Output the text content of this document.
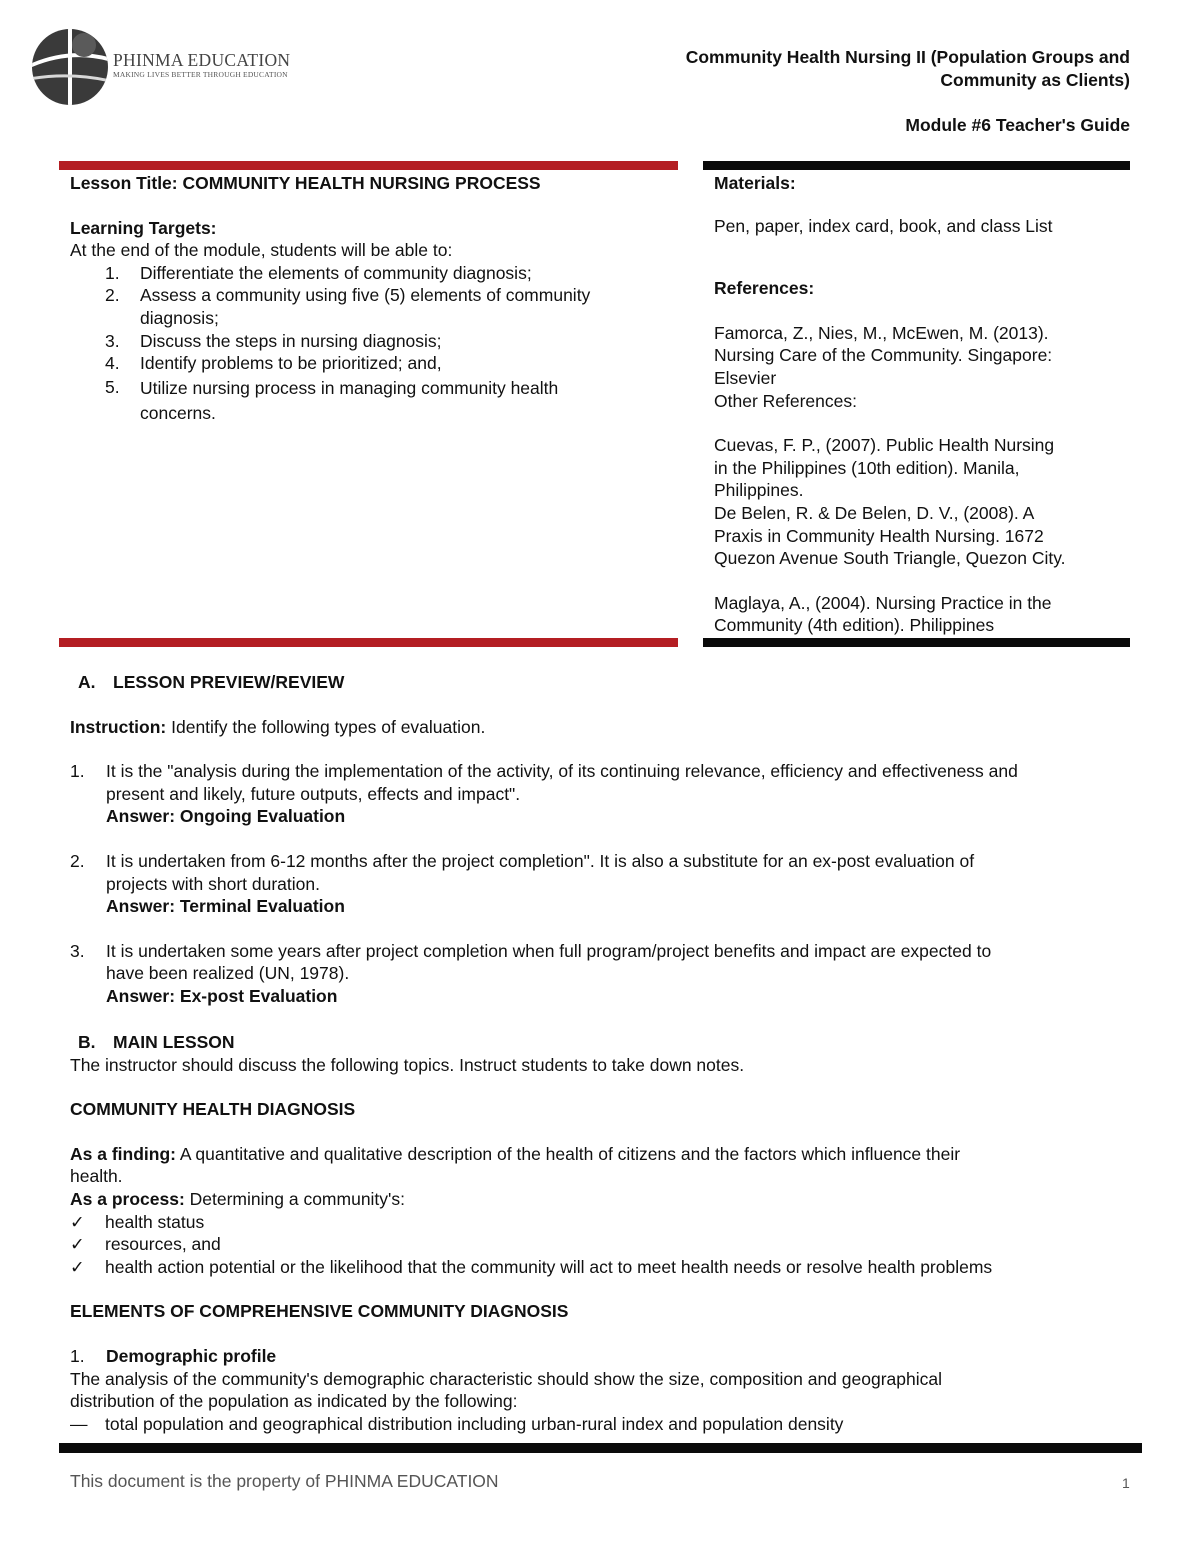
PHINMA EDUCATION
MAKING LIVES BETTER THROUGH EDUCATION
Community Health Nursing II (Population Groups and
Community as Clients)
Module #6 Teacher's Guide
Lesson Title: COMMUNITY HEALTH NURSING PROCESS
Learning Targets:
At the end of the module, students will be able to:
1.	Differentiate the elements of community diagnosis;
2.	Assess a community using five (5) elements of community
diagnosis;
3.	Discuss the steps in nursing diagnosis;
4.	Identify problems to be prioritized; and,
5.	Utilize nursing process in managing community health
concerns.
Materials:
Pen, paper, index card, book, and class List
References:
Famorca, Z., Nies, M., McEwen, M. (2013).
Nursing Care of the Community. Singapore:
Elsevier
Other References:
Cuevas, F. P., (2007). Public Health Nursing
in the Philippines (10th edition). Manila,
Philippines.
De Belen, R. & De Belen, D. V., (2008). A
Praxis in Community Health Nursing. 1672
Quezon Avenue South Triangle, Quezon City.
Maglaya, A., (2004). Nursing Practice in the
Community (4th edition). Philippines
A.	LESSON PREVIEW/REVIEW
Instruction: Identify the following types of evaluation.
1.	It is the "analysis during the implementation of the activity, of its continuing relevance, efficiency and effectiveness and
present and likely, future outputs, effects and impact".
Answer: Ongoing Evaluation
2.	It is undertaken from 6-12 months after the project completion". It is also a substitute for an ex-post evaluation of
projects with short duration.
Answer: Terminal Evaluation
3.	It is undertaken some years after project completion when full program/project benefits and impact are expected to
have been realized (UN, 1978).
Answer: Ex-post Evaluation
B.	MAIN LESSON
The instructor should discuss the following topics. Instruct students to take down notes.
COMMUNITY HEALTH DIAGNOSIS
As a finding: A quantitative and qualitative description of the health of citizens and the factors which influence their
health.
As a process: Determining a community's:
✓	health status
✓	resources, and
✓	health action potential or the likelihood that the community will act to meet health needs or resolve health problems
ELEMENTS OF COMPREHENSIVE COMMUNITY DIAGNOSIS
1.	Demographic profile
The analysis of the community's demographic characteristic should show the size, composition and geographical
distribution of the population as indicated by the following:
—	total population and geographical distribution including urban-rural index and population density
This document is the property of PHINMA EDUCATION	1
